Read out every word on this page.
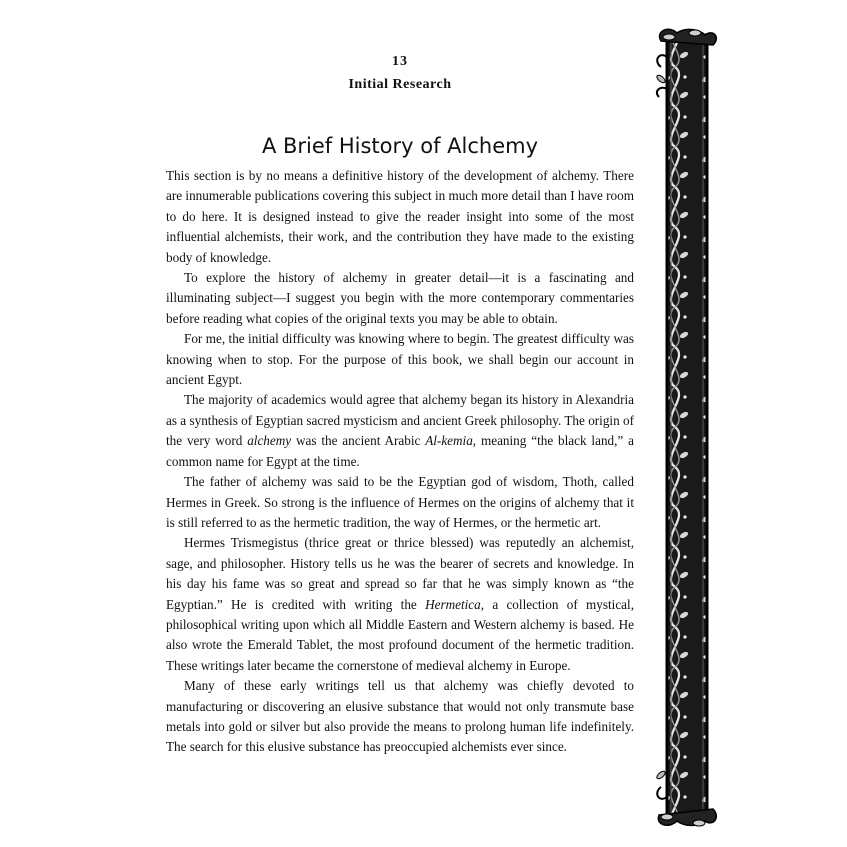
13
Initial Research
A Brief History of Alchemy

This section is by no means a definitive history of the development of alchemy. There are innumerable publications covering this subject in much more detail than I have room to do here. It is designed instead to give the reader insight into some of the most influential alchemists, their work, and the contribution they have made to the existing body of knowledge.

To explore the history of alchemy in greater detail—it is a fascinating and illuminating subject—I suggest you begin with the more contemporary commentaries before reading what copies of the original texts you may be able to obtain.

For me, the initial difficulty was knowing where to begin. The greatest difficulty was knowing when to stop. For the purpose of this book, we shall begin our account in ancient Egypt.

The majority of academics would agree that alchemy began its history in Alexandria as a synthesis of Egyptian sacred mysticism and ancient Greek philosophy. The origin of the very word alchemy was the ancient Arabic Al-kemia, meaning “the black land,” a common name for Egypt at the time.

The father of alchemy was said to be the Egyptian god of wisdom, Thoth, called Hermes in Greek. So strong is the influence of Hermes on the origins of alchemy that it is still referred to as the hermetic tradition, the way of Hermes, or the hermetic art.

Hermes Trismegistus (thrice great or thrice blessed) was reputedly an alchemist, sage, and philosopher. History tells us he was the bearer of secrets and knowledge. In his day his fame was so great and spread so far that he was simply known as “the Egyptian.” He is credited with writing the Hermetica, a collection of mystical, philosophical writing upon which all Middle Eastern and Western alchemy is based. He also wrote the Emerald Tablet, the most profound document of the hermetic tradition. These writings later became the cornerstone of medieval alchemy in Europe.

Many of these early writings tell us that alchemy was chiefly devoted to manufacturing or discovering an elusive substance that would not only transmute base metals into gold or silver but also provide the means to prolong human life indefinitely. The search for this elusive substance has preoccupied alchemists ever since.
